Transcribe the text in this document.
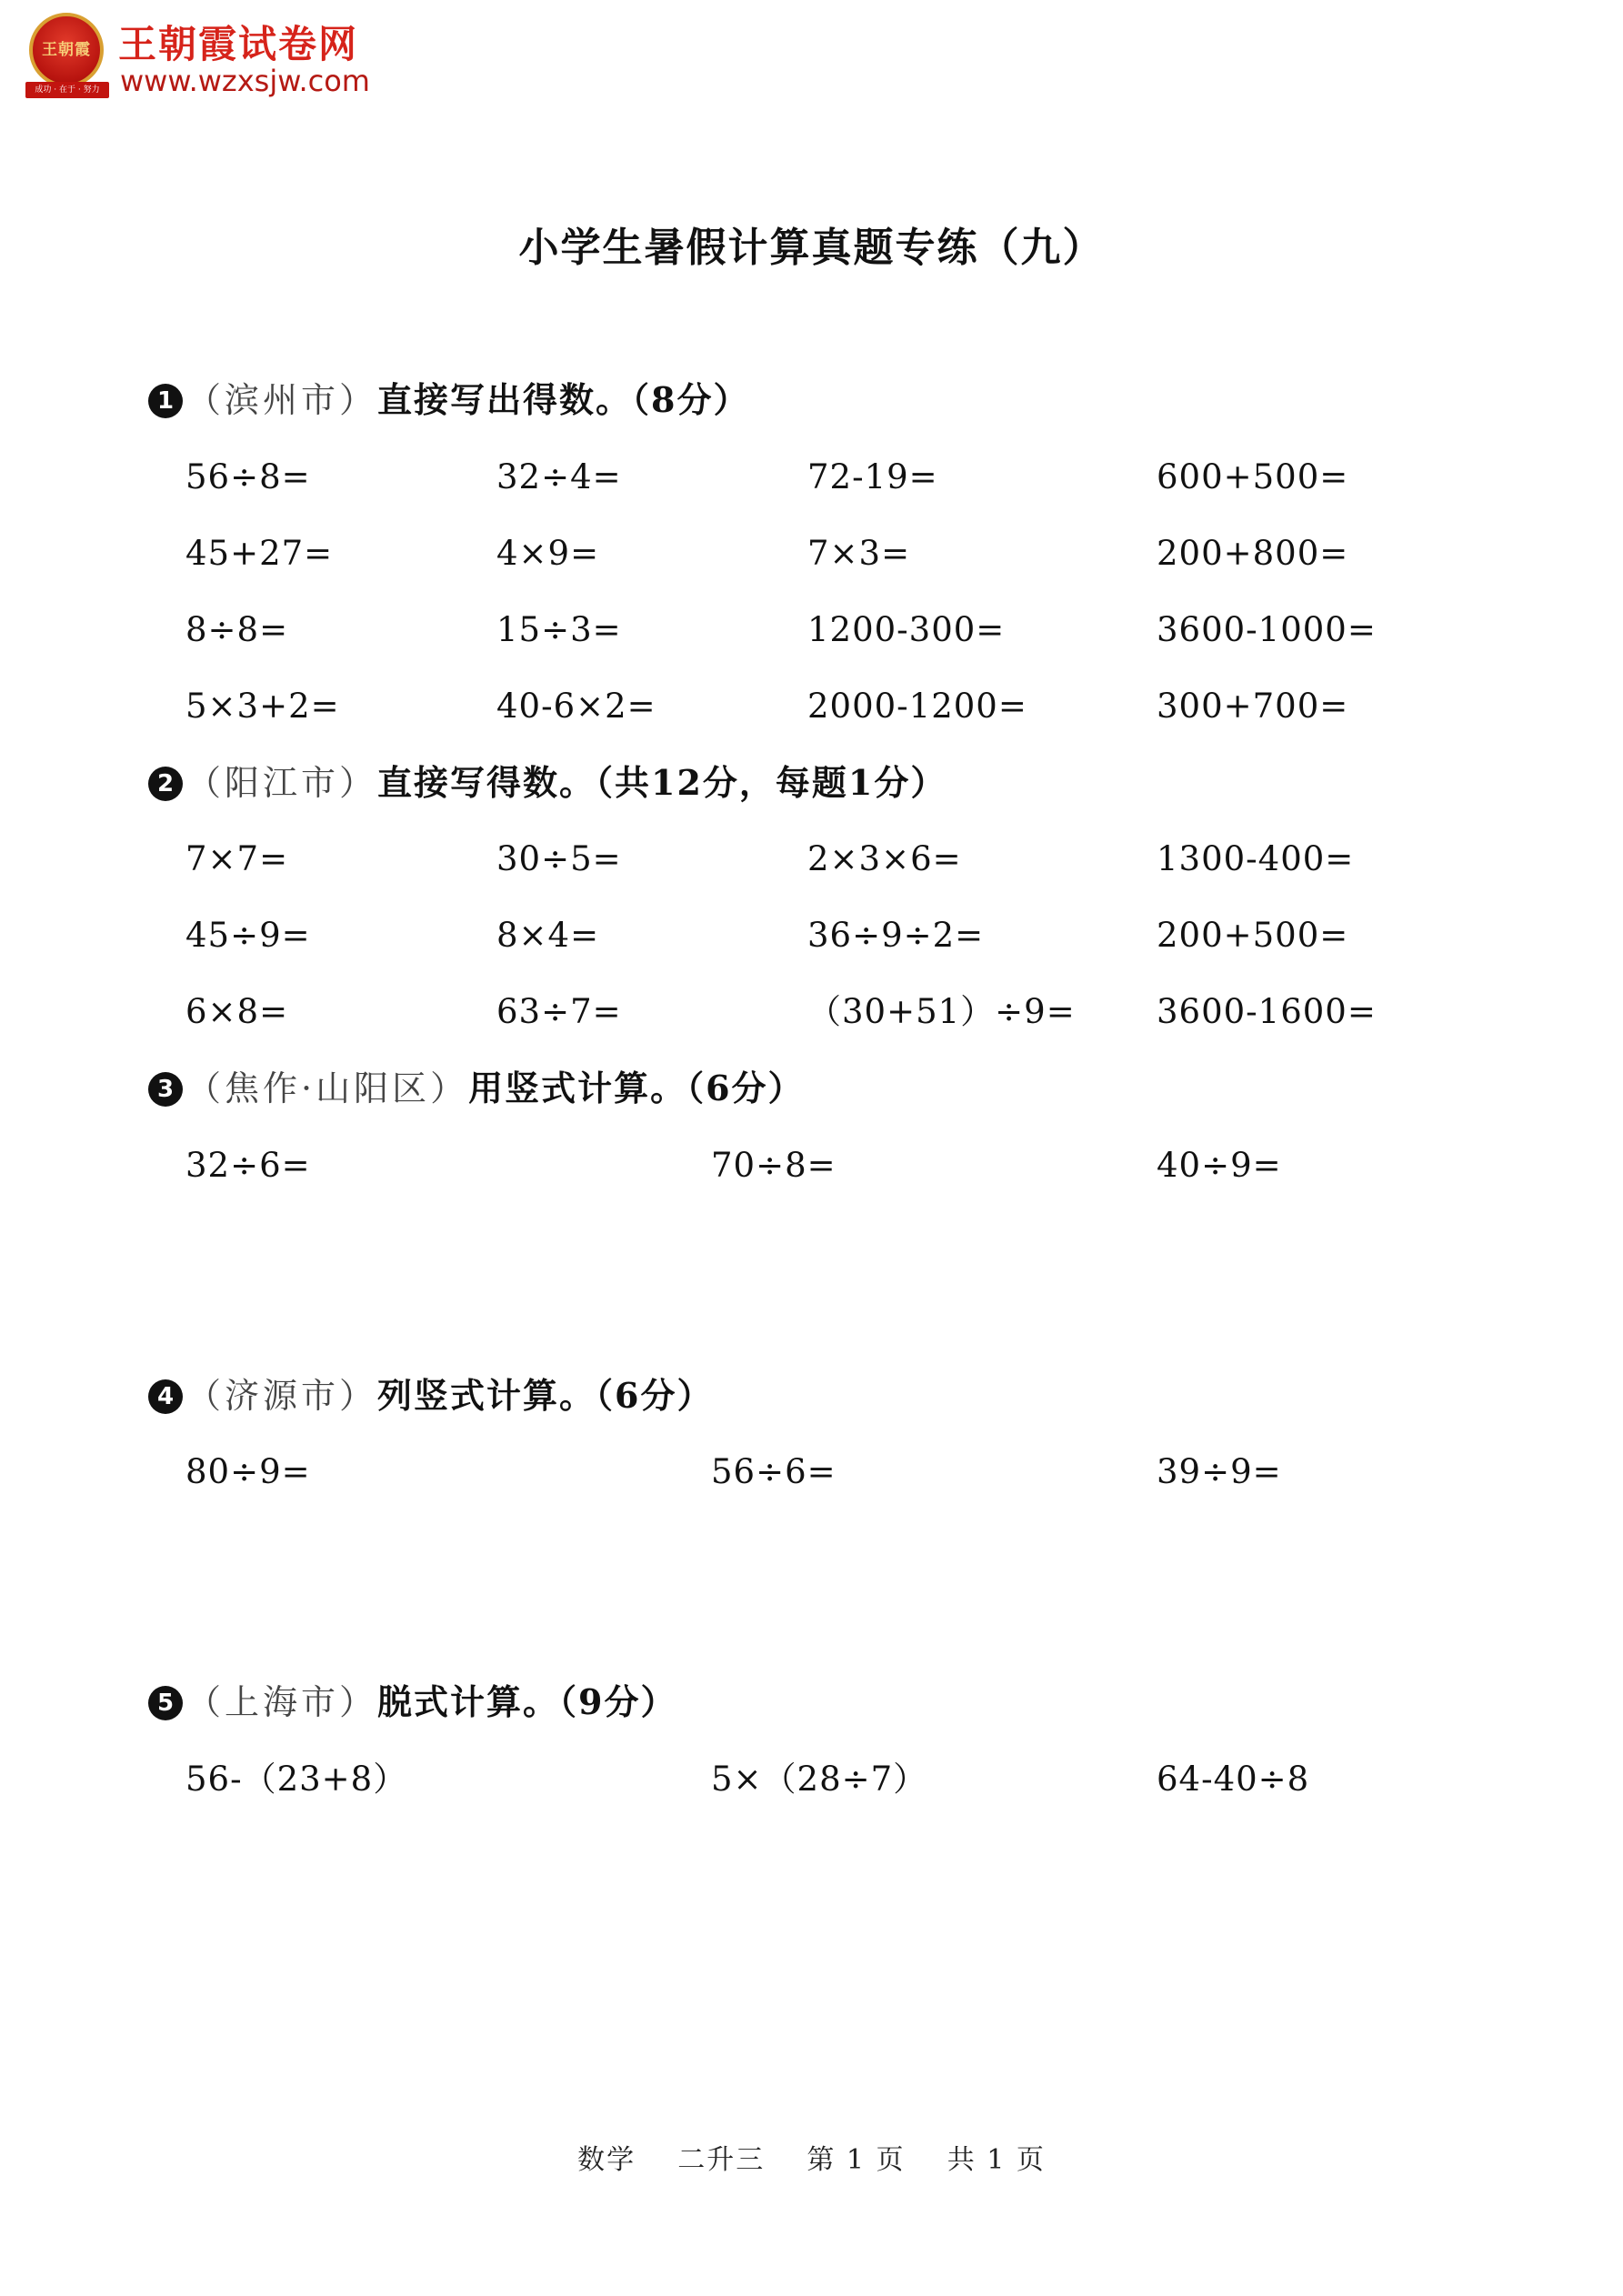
王朝霞
成功 · 在于 · 努力
王朝霞试卷网
www.wzxsjw.com
小学生暑假计算真题专练（九）
1 （滨州市）直接写出得数。（8分）
56÷8=	32÷4=	72-19=	600+500=
45+27=	4×9=	7×3=	200+800=
8÷8=	15÷3=	1200-300=	3600-1000=
5×3+2=	40-6×2=	2000-1200=	300+700=
2 （阳江市）直接写得数。（共12分，每题1分）
7×7=	30÷5=	2×3×6=	1300-400=
45÷9=	8×4=	36÷9÷2=	200+500=
6×8=	63÷7=	（30+51）÷9= 3600-1600=
3 （焦作·山阳区）用竖式计算。（6分）
32÷6=	70÷8=	40÷9=
4 （济源市）列竖式计算。（6分）
80÷9=	56÷6=	39÷9=
5 （上海市）脱式计算。（9分）
56-（23+8）	5×（28÷7）	64-40÷8
数学    二升三    第 1 页    共 1 页
